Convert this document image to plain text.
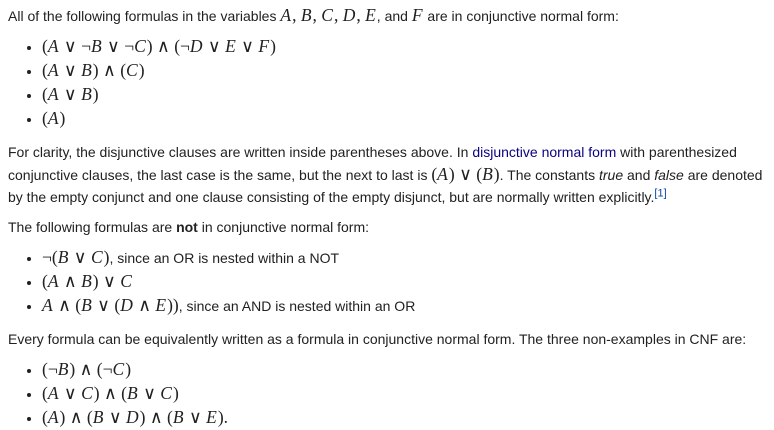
All of the following formulas in the variables A, B, C, D, E, and F are in conjunctive normal form:

• (A ∨ ¬B ∨ ¬C) ∧ (¬D ∨ E ∨ F)
• (A ∨ B) ∧ (C)
• (A ∨ B)
• (A)

For clarity, the disjunctive clauses are written inside parentheses above. In disjunctive normal form with parenthesized conjunctive clauses, the last case is the same, but the next to last is (A) ∨ (B). The constants true and false are denoted by the empty conjunct and one clause consisting of the empty disjunct, but are normally written explicitly.[1]

The following formulas are not in conjunctive normal form:

• ¬(B ∨ C), since an OR is nested within a NOT
• (A ∧ B) ∨ C
• A ∧ (B ∨ (D ∧ E)), since an AND is nested within an OR

Every formula can be equivalently written as a formula in conjunctive normal form. The three non-examples in CNF are:

• (¬B) ∧ (¬C)
• (A ∨ C) ∧ (B ∨ C)
• (A) ∧ (B ∨ D) ∧ (B ∨ E).
